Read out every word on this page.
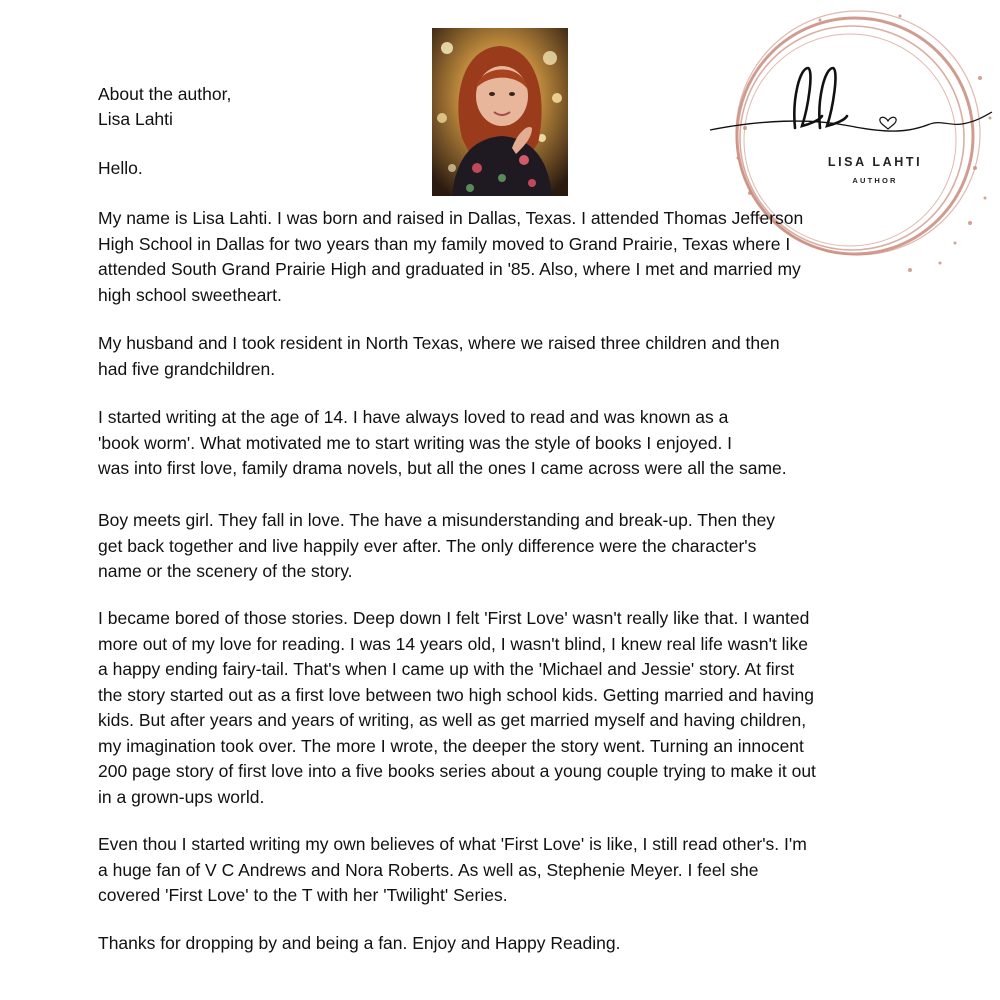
About the author,
Lisa Lahti
LISA LAHTI
AUTHOR
Hello.
My name is Lisa Lahti. I was born and raised in Dallas, Texas. I attended Thomas Jefferson
High School in Dallas for two years than my family moved to Grand Prairie, Texas where I
attended South Grand Prairie High and graduated in '85. Also, where I met and married my
high school sweetheart.
My husband and I took resident in North Texas, where we raised three children and then
had five grandchildren.
I started writing at the age of 14. I have always loved to read and was known as a
'book worm'. What motivated me to start writing was the style of books I enjoyed. I
was into first love, family drama novels, but all the ones I came across were all the same.
Boy meets girl. They fall in love. The have a misunderstanding and break-up. Then they
get back together and live happily ever after. The only difference were the character's
name or the scenery of the story.
I became bored of those stories. Deep down I felt 'First Love' wasn't really like that. I wanted
more out of my love for reading. I was 14 years old, I wasn't blind, I knew real life wasn't like
a happy ending fairy-tail. That's when I came up with the 'Michael and Jessie' story. At first
the story started out as a first love between two high school kids. Getting married and having
kids. But after years and years of writing, as well as get married myself and having children,
my imagination took over. The more I wrote, the deeper the story went. Turning an innocent
200 page story of first love into a five books series about a young couple trying to make it out
in a grown-ups world.
Even thou I started writing my own believes of what 'First Love' is like, I still read other's. I'm
a huge fan of V C Andrews and Nora Roberts. As well as, Stephenie Meyer. I feel she
covered 'First Love' to the T with her 'Twilight' Series.
Thanks for dropping by and being a fan. Enjoy and Happy Reading.
